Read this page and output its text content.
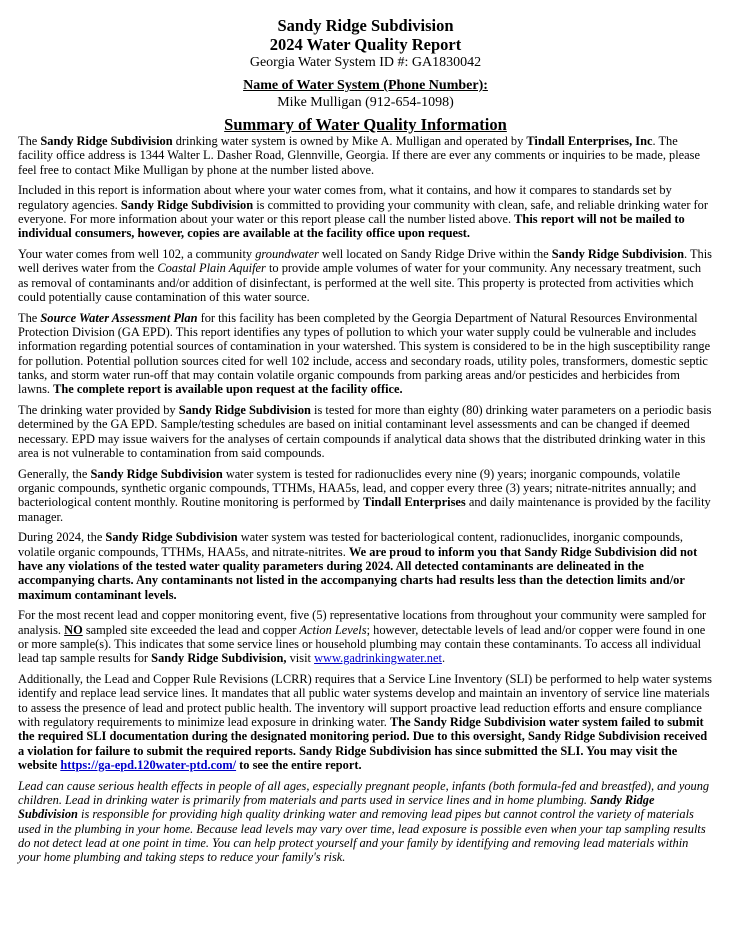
Sandy Ridge Subdivision
2024 Water Quality Report
Georgia Water System ID #: GA1830042
Name of Water System (Phone Number):
Mike Mulligan (912-654-1098)
Summary of Water Quality Information

The Sandy Ridge Subdivision drinking water system is owned by Mike A. Mulligan and operated by Tindall Enterprises, Inc. The facility office address is 1344 Walter L. Dasher Road, Glennville, Georgia. If there are ever any comments or inquiries to be made, please feel free to contact Mike Mulligan by phone at the number listed above.

Included in this report is information about where your water comes from, what it contains, and how it compares to standards set by regulatory agencies. Sandy Ridge Subdivision is committed to providing your community with clean, safe, and reliable drinking water for everyone. For more information about your water or this report please call the number listed above. This report will not be mailed to individual consumers, however, copies are available at the facility office upon request.

Your water comes from well 102, a community groundwater well located on Sandy Ridge Drive within the Sandy Ridge Subdivision. This well derives water from the Coastal Plain Aquifer to provide ample volumes of water for your community. Any necessary treatment, such as removal of contaminants and/or addition of disinfectant, is performed at the well site. This property is protected from activities which could potentially cause contamination of this water source.

The Source Water Assessment Plan for this facility has been completed by the Georgia Department of Natural Resources Environmental Protection Division (GA EPD). This report identifies any types of pollution to which your water supply could be vulnerable and includes information regarding potential sources of contamination in your watershed. This system is considered to be in the high susceptibility range for pollution. Potential pollution sources cited for well 102 include, access and secondary roads, utility poles, transformers, domestic septic tanks, and storm water run-off that may contain volatile organic compounds from parking areas and/or pesticides and herbicides from lawns. The complete report is available upon request at the facility office.

The drinking water provided by Sandy Ridge Subdivision is tested for more than eighty (80) drinking water parameters on a periodic basis determined by the GA EPD. Sample/testing schedules are based on initial contaminant level assessments and can be changed if deemed necessary. EPD may issue waivers for the analyses of certain compounds if analytical data shows that the distributed drinking water in this area is not vulnerable to contamination from said compounds.

Generally, the Sandy Ridge Subdivision water system is tested for radionuclides every nine (9) years; inorganic compounds, volatile organic compounds, synthetic organic compounds, TTHMs, HAA5s, lead, and copper every three (3) years; nitrate-nitrites annually; and bacteriological content monthly. Routine monitoring is performed by Tindall Enterprises and daily maintenance is provided by the facility manager.

During 2024, the Sandy Ridge Subdivision water system was tested for bacteriological content, radionuclides, inorganic compounds, volatile organic compounds, TTHMs, HAA5s, and nitrate-nitrites. We are proud to inform you that Sandy Ridge Subdivision did not have any violations of the tested water quality parameters during 2024. All detected contaminants are delineated in the accompanying charts. Any contaminants not listed in the accompanying charts had results less than the detection limits and/or maximum contaminant levels.

For the most recent lead and copper monitoring event, five (5) representative locations from throughout your community were sampled for analysis. NO sampled site exceeded the lead and copper Action Levels; however, detectable levels of lead and/or copper were found in one or more sample(s). This indicates that some service lines or household plumbing may contain these contaminants. To access all individual lead tap sample results for Sandy Ridge Subdivision, visit www.gadrinkingwater.net.

Additionally, the Lead and Copper Rule Revisions (LCRR) requires that a Service Line Inventory (SLI) be performed to help water systems identify and replace lead service lines. It mandates that all public water systems develop and maintain an inventory of service line materials to assess the presence of lead and protect public health. The inventory will support proactive lead reduction efforts and ensure compliance with regulatory requirements to minimize lead exposure in drinking water. The Sandy Ridge Subdivision water system failed to submit the required SLI documentation during the designated monitoring period. Due to this oversight, Sandy Ridge Subdivision received a violation for failure to submit the required reports. Sandy Ridge Subdivision has since submitted the SLI. You may visit the website https://ga-epd.120water-ptd.com/ to see the entire report.

Lead can cause serious health effects in people of all ages, especially pregnant people, infants (both formula-fed and breastfed), and young children. Lead in drinking water is primarily from materials and parts used in service lines and in home plumbing. Sandy Ridge Subdivision is responsible for providing high quality drinking water and removing lead pipes but cannot control the variety of materials used in the plumbing in your home. Because lead levels may vary over time, lead exposure is possible even when your tap sampling results do not detect lead at one point in time. You can help protect yourself and your family by identifying and removing lead materials within your home plumbing and taking steps to reduce your family's risk.
